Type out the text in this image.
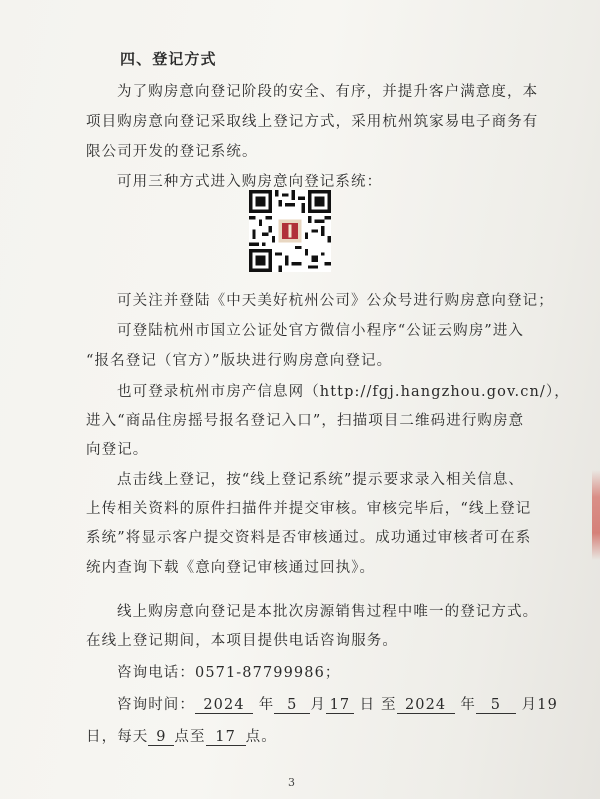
四、登记方式
为了购房意向登记阶段的安全、有序，并提升客户满意度，本
项目购房意向登记采取线上登记方式，采用杭州筑家易电子商务有
限公司开发的登记系统。
可用三种方式进入购房意向登记系统：
可关注并登陆《中天美好杭州公司》公众号进行购房意向登记；
可登陆杭州市国立公证处官方微信小程序“公证云购房”进入
“报名登记（官方）”版块进行购房意向登记。
也可登录杭州市房产信息网（http://fgj.hangzhou.gov.cn/），
进入“商品住房摇号报名登记入口”，扫描项目二维码进行购房意
向登记。
点击线上登记，按“线上登记系统”提示要求录入相关信息、
上传相关资料的原件扫描件并提交审核。审核完毕后，“线上登记
系统”将显示客户提交资料是否审核通过。成功通过审核者可在系
统内查询下载《意向登记审核通过回执》。
线上购房意向登记是本批次房源销售过程中唯一的登记方式。
在线上登记期间，本项目提供电话咨询服务。
咨询电话：0571-87799986；
咨询时间： 2024 年 5 月 17 日 至 2024 年 5 月19
日，每天 9 点至 17 点。
3
